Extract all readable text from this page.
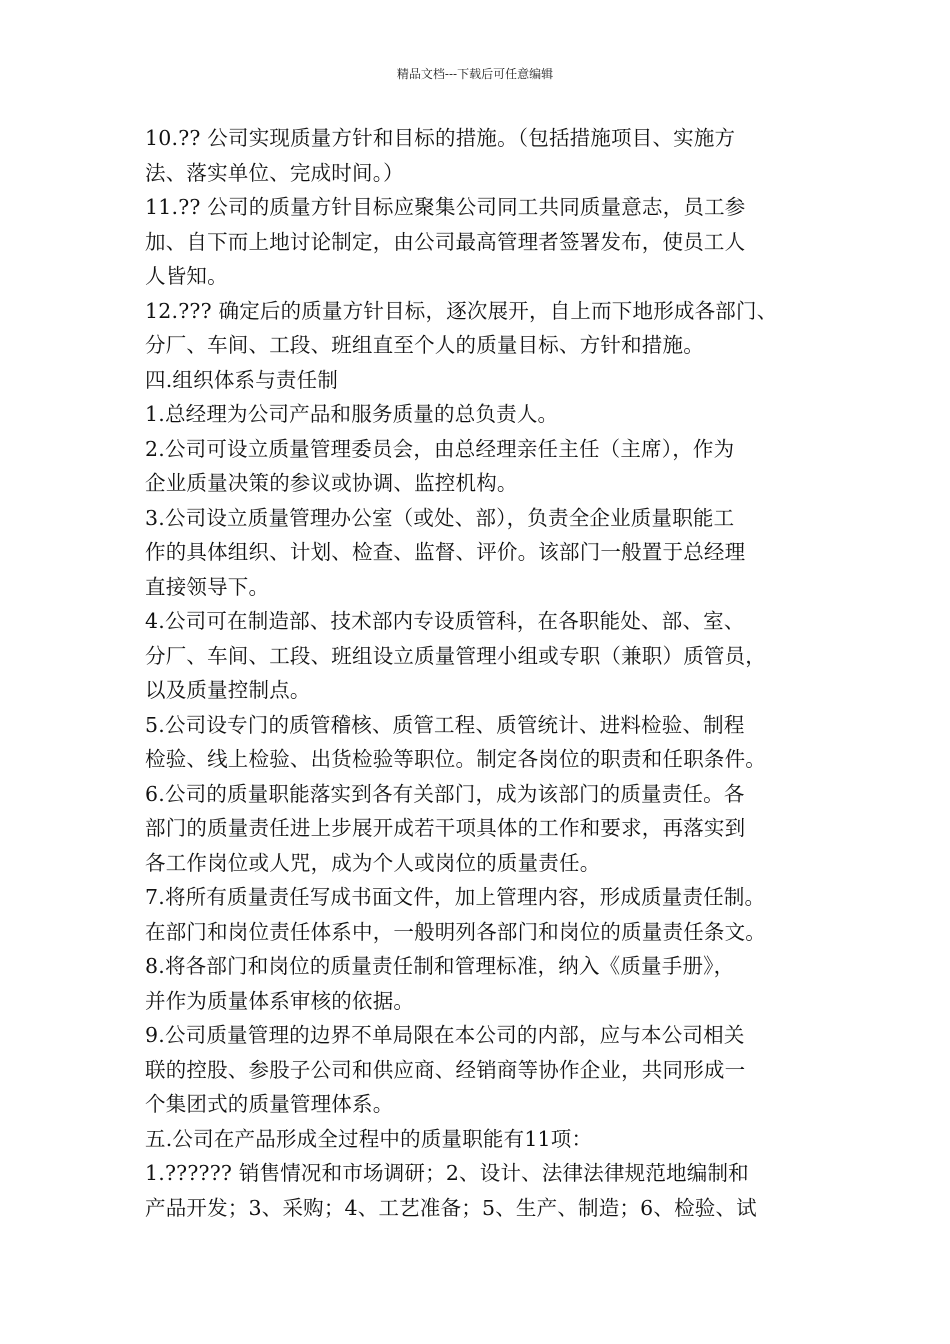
精品文档---下载后可任意编辑
10.?? 公司实现质量方针和目标的措施。（包括措施项目、实施方
法、落实单位、完成时间。）
11.?? 公司的质量方针目标应聚集公司同工共同质量意志，员工参
加、自下而上地讨论制定，由公司最高管理者签署发布，使员工人
人皆知。
12.??? 确定后的质量方针目标，逐次展开，自上而下地形成各部门、
分厂、车间、工段、班组直至个人的质量目标、方针和措施。
四.组织体系与责任制
1.总经理为公司产品和服务质量的总负责人。
2.公司可设立质量管理委员会，由总经理亲任主任（主席），作为
企业质量决策的参议或协调、监控机构。
3.公司设立质量管理办公室（或处、部），负责全企业质量职能工
作的具体组织、计划、检查、监督、评价。该部门一般置于总经理
直接领导下。
4.公司可在制造部、技术部内专设质管科，在各职能处、部、室、
分厂、车间、工段、班组设立质量管理小组或专职（兼职）质管员，
以及质量控制点。
5.公司设专门的质管稽核、质管工程、质管统计、进料检验、制程
检验、线上检验、出货检验等职位。制定各岗位的职责和任职条件。
6.公司的质量职能落实到各有关部门，成为该部门的质量责任。各
部门的质量责任进上步展开成若干项具体的工作和要求，再落实到
各工作岗位或人咒，成为个人或岗位的质量责任。
7.将所有质量责任写成书面文件，加上管理内容，形成质量责任制。
在部门和岗位责任体系中，一般明列各部门和岗位的质量责任条文。
8.将各部门和岗位的质量责任制和管理标准，纳入《质量手册》，
并作为质量体系审核的依据。
9.公司质量管理的边界不单局限在本公司的内部，应与本公司相关
联的控股、参股子公司和供应商、经销商等协作企业，共同形成一
个集团式的质量管理体系。
五.公司在产品形成全过程中的质量职能有11项：
1.?????? 销售情况和市场调研；2、设计、法律法律规范地编制和
产品开发；3、采购；4、工艺准备；5、生产、制造；6、检验、试
